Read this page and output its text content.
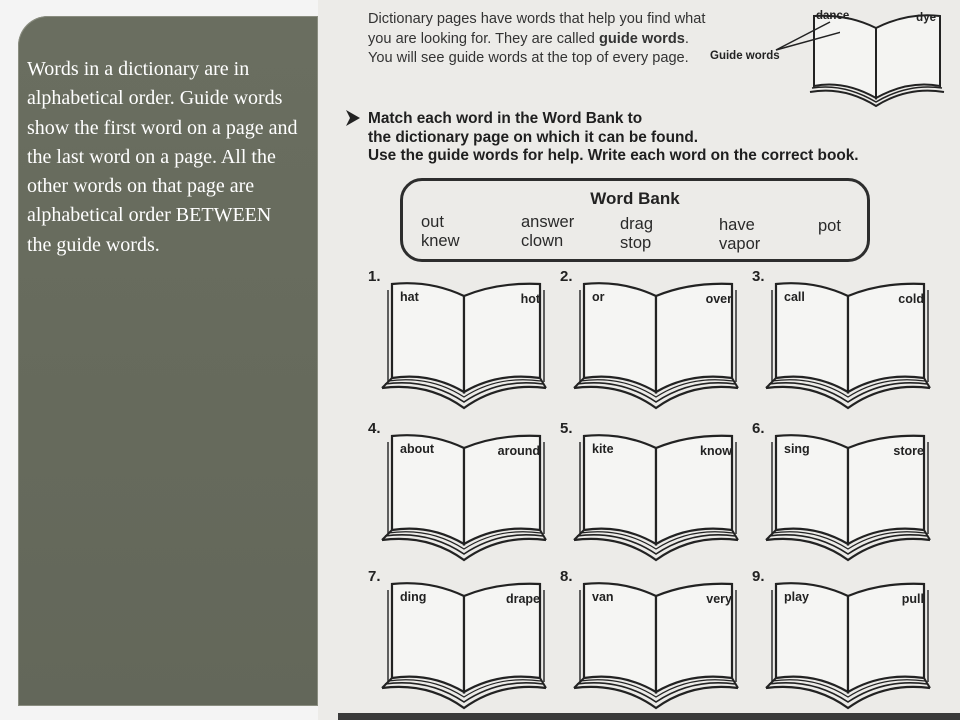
Words in a dictionary are in alphabetical order. Guide words show the first word on a page and the last word on a page. All the other words on that page are alphabetical order BETWEEN the guide words.
Dictionary pages have words that help you find what you are looking for. They are called guide words. You will see guide words at the top of every page.
dance	dye
Guide words
Match each word in the Word Bank to
the dictionary page on which it can be found.
Use the guide words for help. Write each word on the correct book.
Word Bank
out
knew
answer
clown
drag
stop
have
vapor
pot
1.
hat	hot
2.
or	over
3.
call	cold
4.
about	around
5.
kite	know
6.
sing	store
7.
ding	drape
8.
van	very
9.
play	pull
